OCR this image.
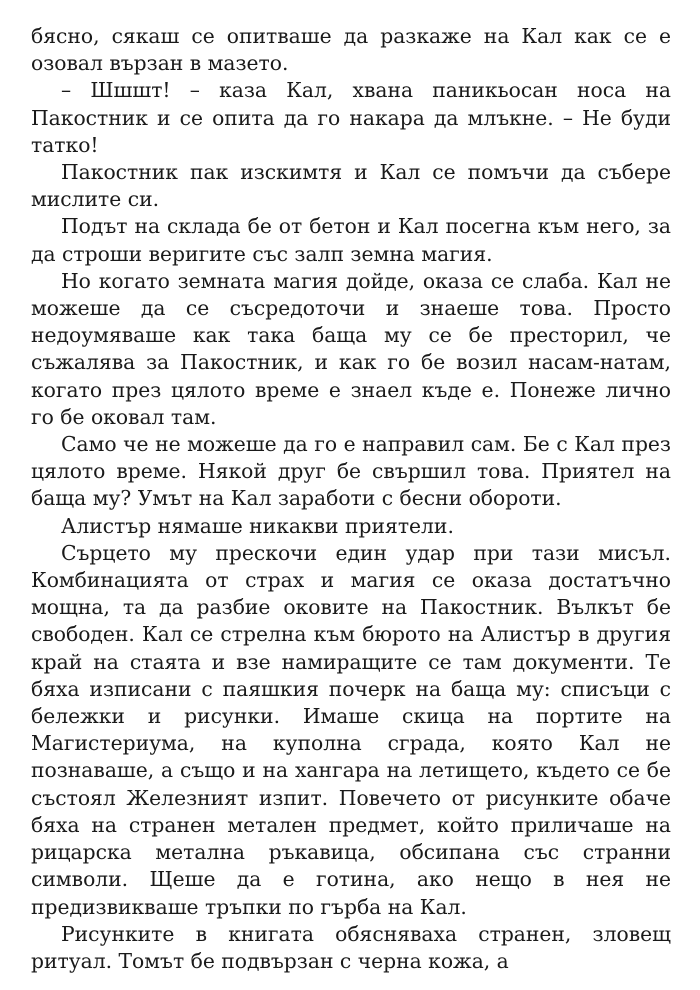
бясно, сякаш се опитваше да разкаже на Кал как се е озовал вързан в мазето.

– Шшшт! – каза Кал, хвана паникьосан носа на Пакостник и се опита да го накара да млъкне. – Не буди татко!

Пакостник пак изскимтя и Кал се помъчи да събере мислите си.

Подът на склада бе от бетон и Кал посегна към него, за да строши веригите със залп земна магия.

Но когато земната магия дойде, оказа се слаба. Кал не можеше да се съсредоточи и знаеше това. Просто недоумяваше как така баща му се бе престорил, че съжалява за Пакостник, и как го бе возил насам-натам, когато през цялото време е знаел къде е. Понеже лично го бе оковал там.

Само че не можеше да го е направил сам. Бе с Кал през цялото време. Някой друг бе свършил това. Приятел на баща му? Умът на Кал заработи с бесни обороти.

Алистър нямаше никакви приятели.

Сърцето му прескочи един удар при тази мисъл. Комбинацията от страх и магия се оказа достатъчно мощна, та да разбие оковите на Пакостник. Вълкът бе свободен. Кал се стрелна към бюрото на Алистър в другия край на стаята и взе намиращите се там документи. Те бяха изписани с паяшкия почерк на баща му: списъци с бележки и рисунки. Имаше скица на портите на Магистериума, на куполна сграда, която Кал не познаваше, а също и на хангара на летището, където се бе състоял Железният изпит. Повечето от рисунките обаче бяха на странен метален предмет, който приличаше на рицарска метална ръкавица, обсипана със странни символи. Щеше да е готина, ако нещо в нея не предизвикваше тръпки по гърба на Кал.

Рисунките в книгата обясняваха странен, зловещ ритуал. Томът бе подвързан с черна кожа, а
